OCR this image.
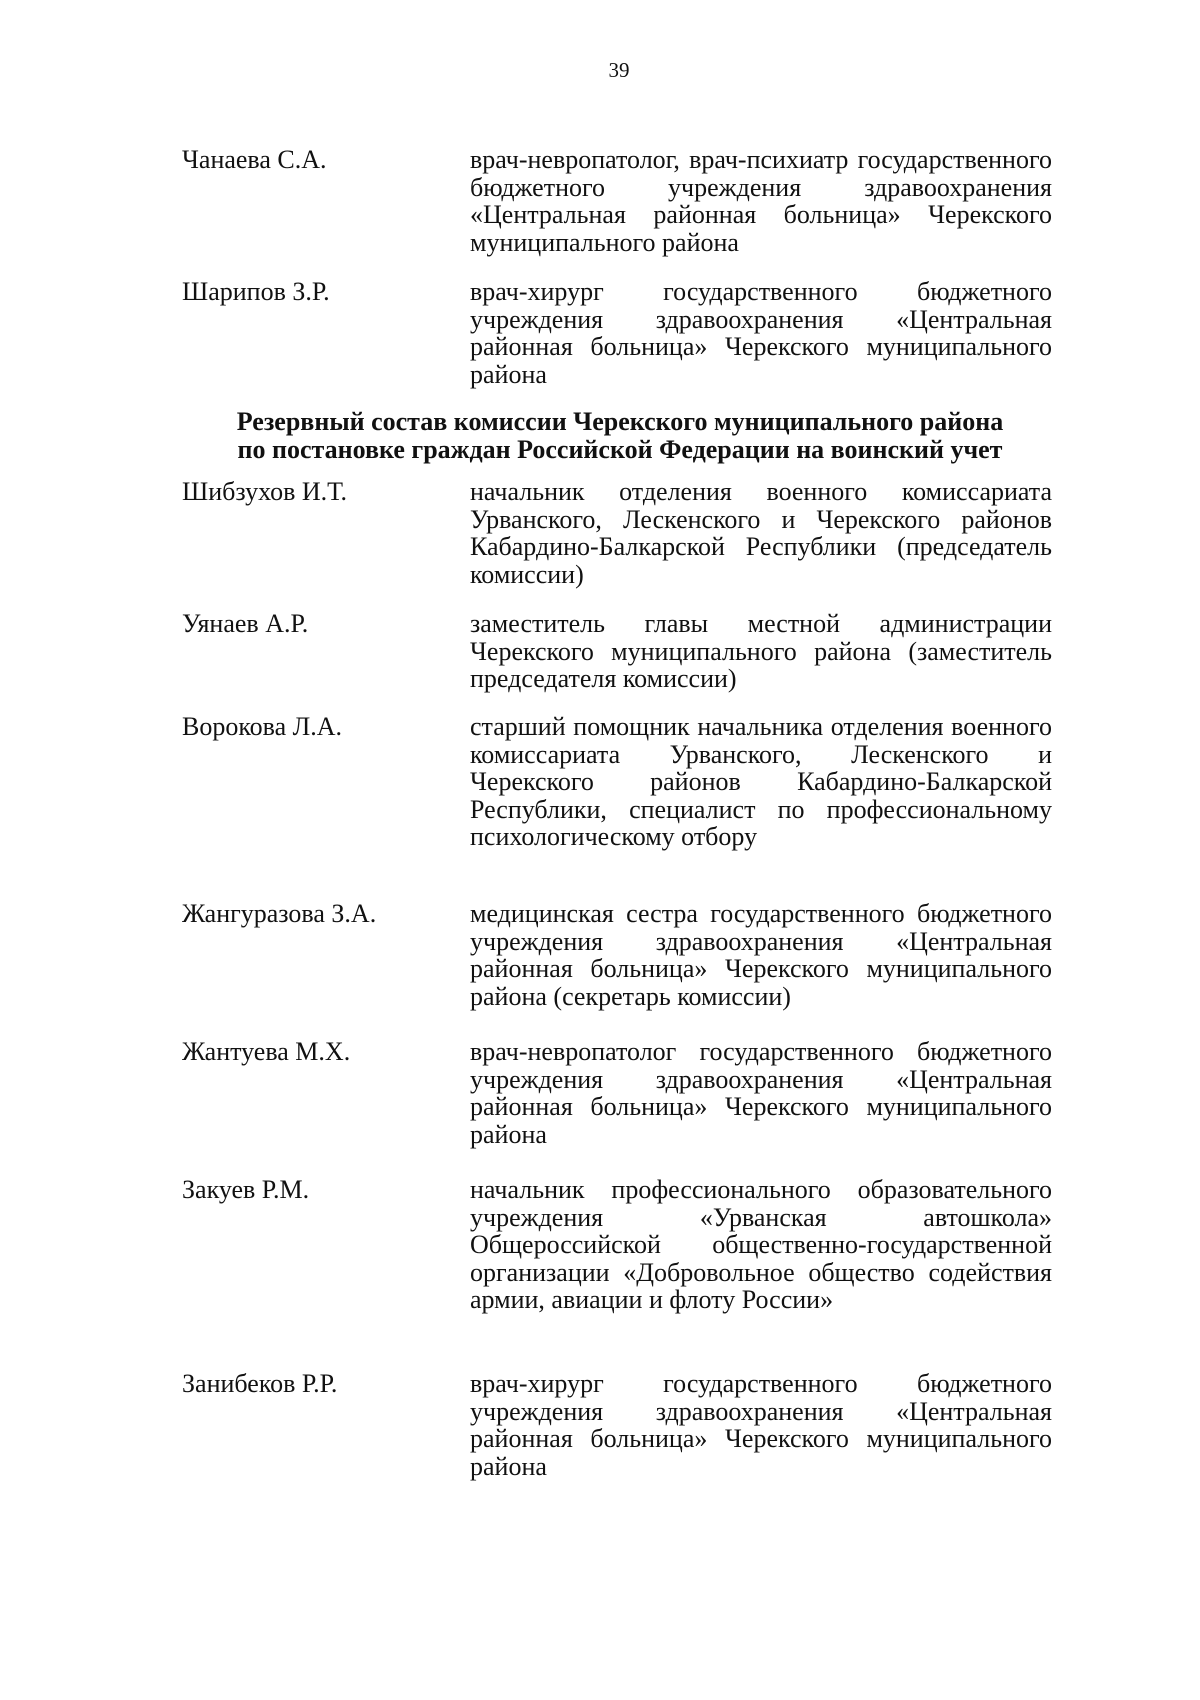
39
Чанаева С.А.	врач-невропатолог, врач-психиатр государственного бюджетного учреждения здравоохранения «Центральная районная больница» Черекского муниципального района
Шарипов З.Р.	врач-хирург государственного бюджетного учреждения здравоохранения «Центральная районная больница» Черекского муниципального района
Резервный состав комиссии Черекского муниципального района
по постановке граждан Российской Федерации на воинский учет
Шибзухов И.Т.	начальник отделения военного комиссариата Урванского, Лескенского и Черекского районов Кабардино-Балкарской Республики (председатель комиссии)
Уянаев А.Р.	заместитель главы местной администрации Черекского муниципального района (заместитель председателя комиссии)
Ворокова Л.А.	старший помощник начальника отделения военного комиссариата Урванского, Лескенского и Черекского районов Кабардино-Балкарской Республики, специалист по профессиональному психологическому отбору
Жангуразова З.А.	медицинская сестра государственного бюджетного учреждения здравоохранения «Центральная районная больница» Черекского муниципального района (секретарь комиссии)
Жантуева М.Х.	врач-невропатолог государственного бюджетного учреждения здравоохранения «Центральная районная больница» Черекского муниципального района
Закуев Р.М.	начальник профессионального образовательного учреждения «Урванская автошкола» Общероссийской общественно-государственной организации «Добровольное общество содействия армии, авиации и флоту России»
Занибеков Р.Р.	врач-хирург государственного бюджетного учреждения здравоохранения «Центральная районная больница» Черекского муниципального района
